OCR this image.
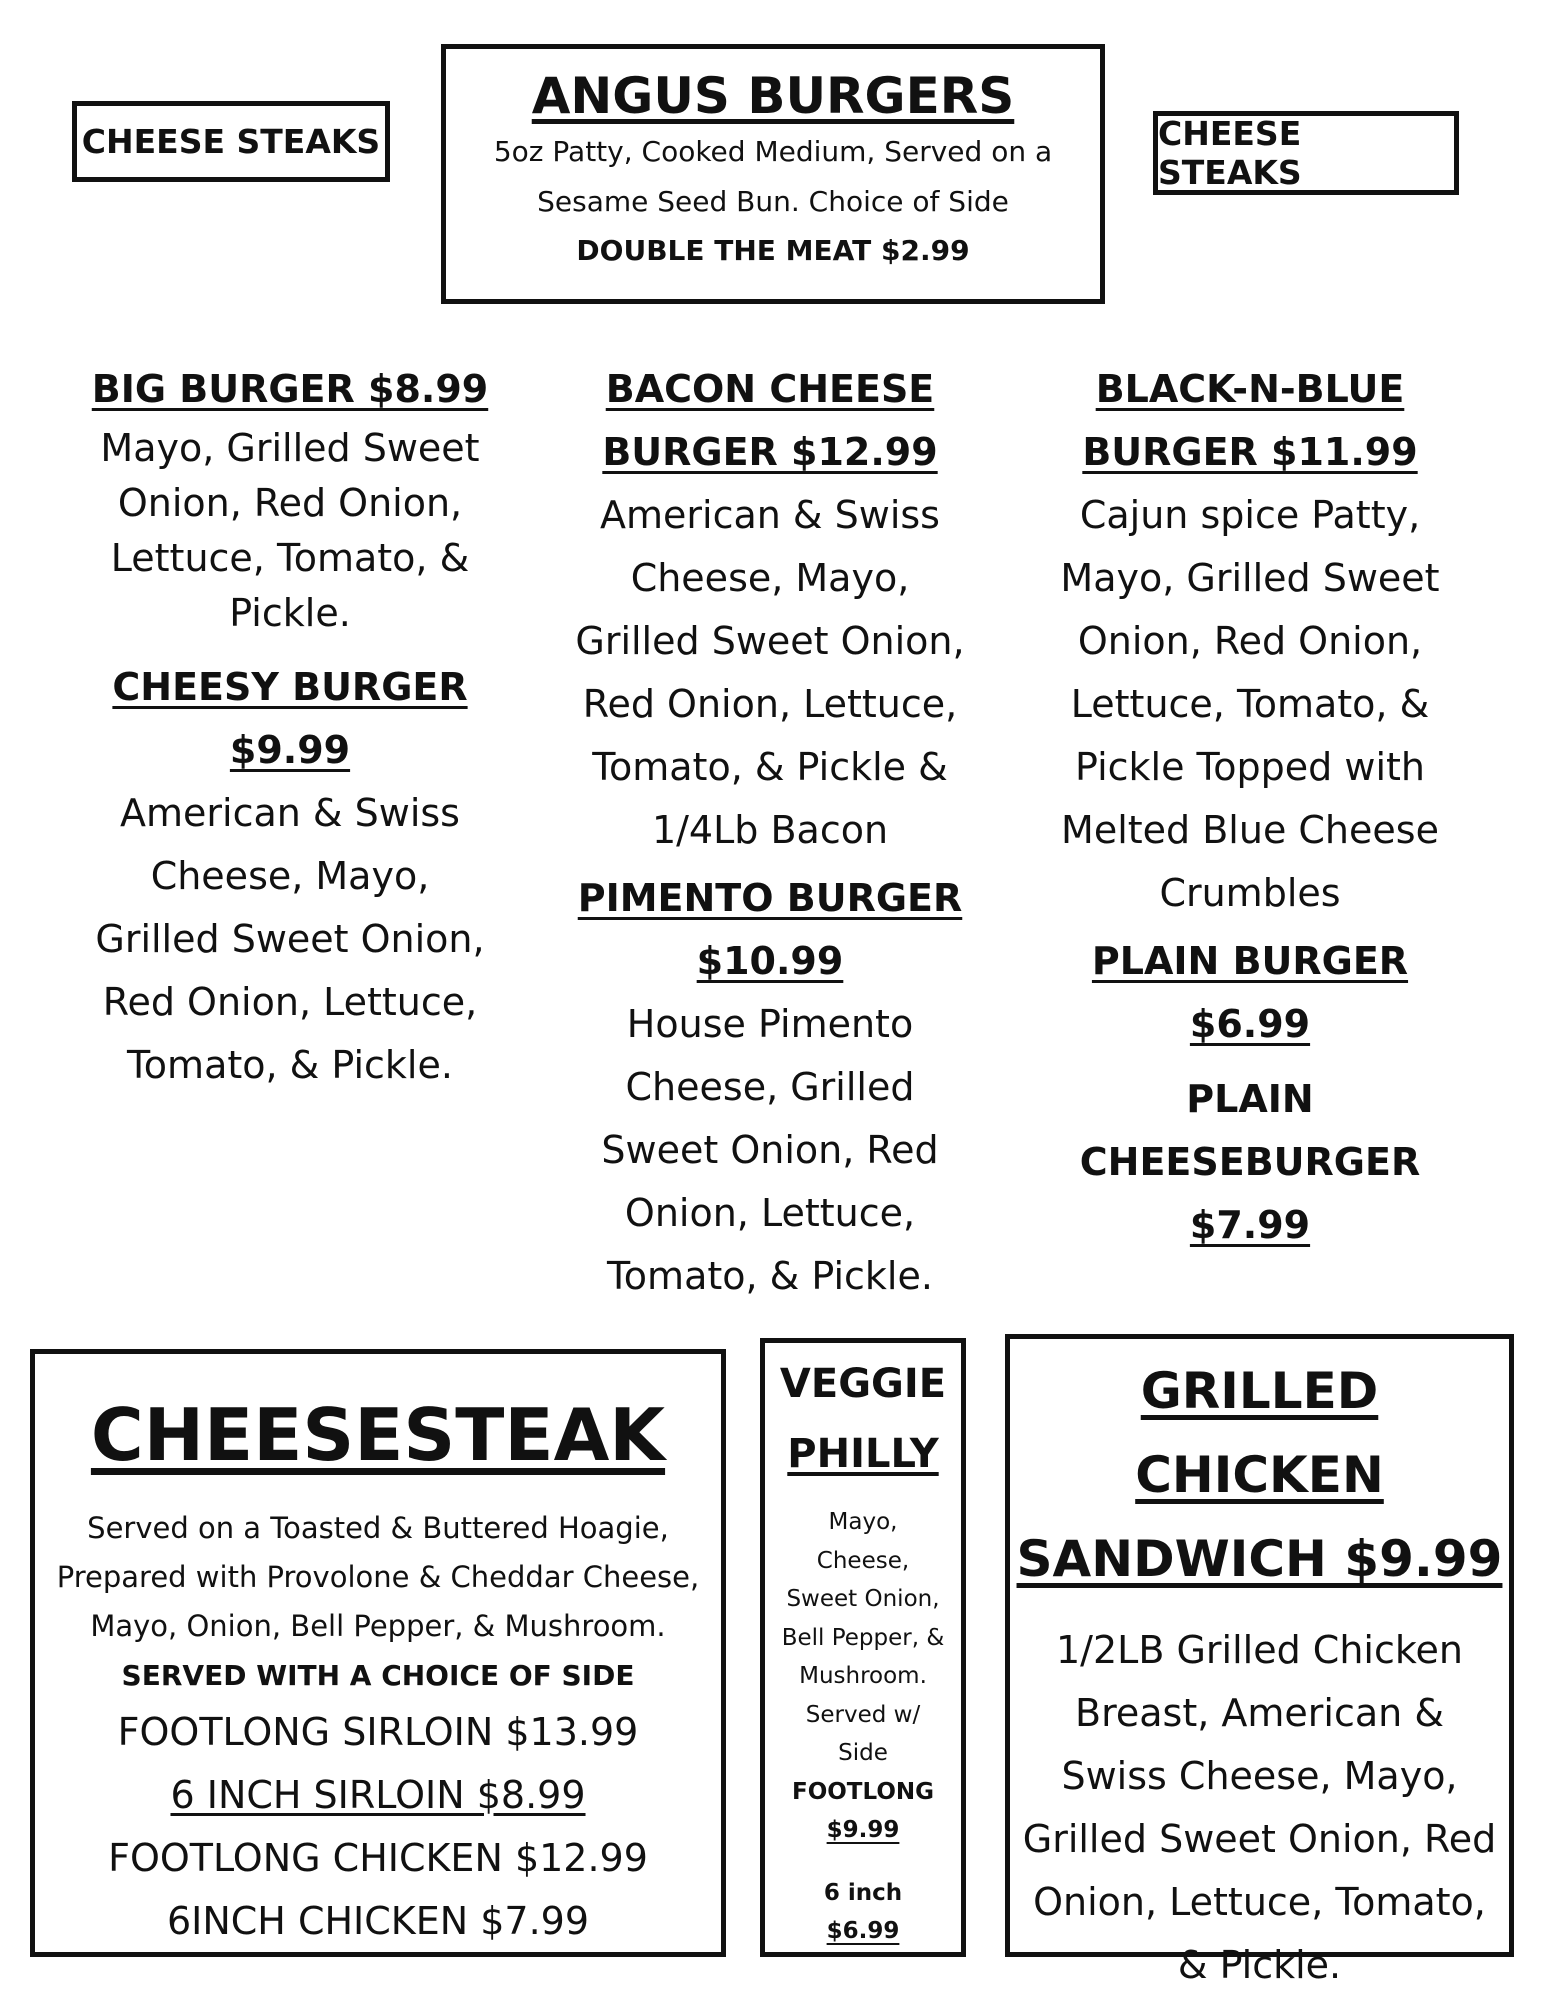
CHEESE STEAKS	CHEESE STEAKS
ANGUS BURGERS
5oz Patty, Cooked Medium, Served on a
Sesame Seed Bun. Choice of Side
DOUBLE THE MEAT $2.99
BIG BURGER $8.99
Mayo, Grilled Sweet
Onion, Red Onion,
Lettuce, Tomato, &
Pickle.
CHEESY BURGER
$9.99
American & Swiss
Cheese, Mayo,
Grilled Sweet Onion,
Red Onion, Lettuce,
Tomato, & Pickle.
BACON CHEESE
BURGER $12.99
American & Swiss
Cheese, Mayo,
Grilled Sweet Onion,
Red Onion, Lettuce,
Tomato, & Pickle &
1/4Lb Bacon
PIMENTO BURGER
$10.99
House Pimento
Cheese, Grilled
Sweet Onion, Red
Onion, Lettuce,
Tomato, & Pickle.
BLACK-N-BLUE
BURGER $11.99
Cajun spice Patty,
Mayo, Grilled Sweet
Onion, Red Onion,
Lettuce, Tomato, &
Pickle Topped with
Melted Blue Cheese
Crumbles
PLAIN BURGER
$6.99
PLAIN
CHEESEBURGER
$7.99
CHEESESTEAK
Served on a Toasted & Buttered Hoagie,
Prepared with Provolone & Cheddar Cheese,
Mayo, Onion, Bell Pepper, & Mushroom.
SERVED WITH A CHOICE OF SIDE
FOOTLONG SIRLOIN $13.99
6 INCH SIRLOIN $8.99
FOOTLONG CHICKEN $12.99
6INCH CHICKEN $7.99
VEGGIE
PHILLY
Mayo,
Cheese,
Sweet Onion,
Bell Pepper, &
Mushroom.
Served w/
Side
FOOTLONG
$9.99
6 inch
$6.99
GRILLED CHICKEN
SANDWICH $9.99
1/2LB Grilled Chicken
Breast, American &
Swiss Cheese, Mayo,
Grilled Sweet Onion, Red
Onion, Lettuce, Tomato,
& Pickle.
